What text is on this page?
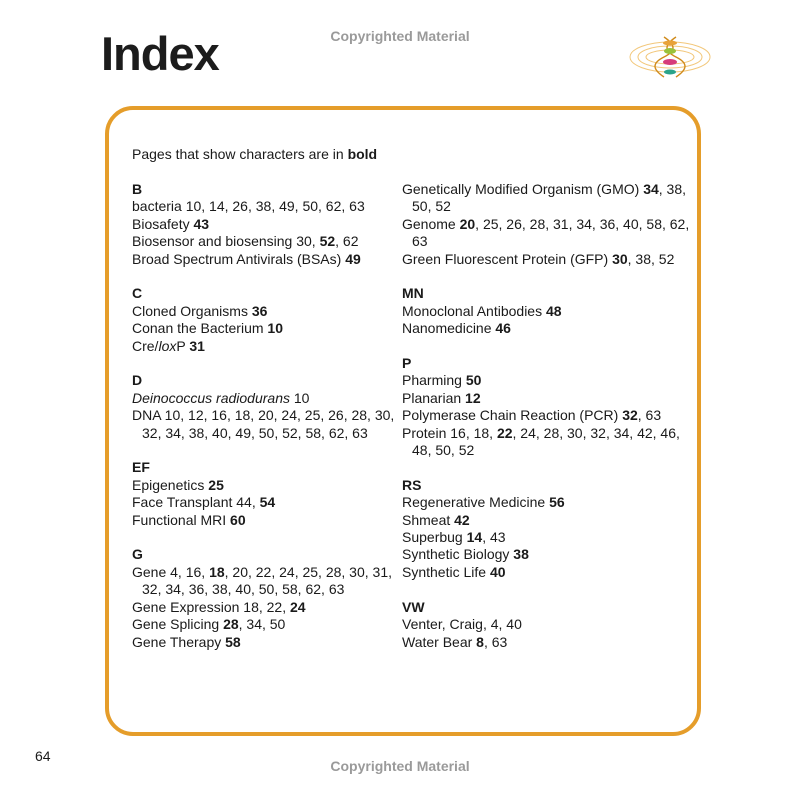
Index	Copyrighted Material
Pages that show characters are in bold
B
bacteria 10, 14, 26, 38, 49, 50, 62, 63
Biosafety 43
Biosensor and biosensing 30, 52, 62
Broad Spectrum Antivirals (BSAs) 49
C
Cloned Organisms 36
Conan the Bacterium 10
Cre/loxP 31
D
Deinococcus radiodurans 10
DNA 10, 12, 16, 18, 20, 24, 25, 26, 28, 30, 32, 34, 38, 40, 49, 50, 52, 58, 62, 63
EF
Epigenetics 25
Face Transplant 44, 54
Functional MRI 60
G
Gene 4, 16, 18, 20, 22, 24, 25, 28, 30, 31, 32, 34, 36, 38, 40, 50, 58, 62, 63
Gene Expression 18, 22, 24
Gene Splicing 28, 34, 50
Gene Therapy 58
Genetically Modified Organism (GMO) 34, 38, 50, 52
Genome 20, 25, 26, 28, 31, 34, 36, 40, 58, 62, 63
Green Fluorescent Protein (GFP) 30, 38, 52
MN
Monoclonal Antibodies 48
Nanomedicine 46
P
Pharming 50
Planarian 12
Polymerase Chain Reaction (PCR) 32, 63
Protein 16, 18, 22, 24, 28, 30, 32, 34, 42, 46, 48, 50, 52
RS
Regenerative Medicine 56
Shmeat 42
Superbug 14, 43
Synthetic Biology 38
Synthetic Life 40
VW
Venter, Craig, 4, 40
Water Bear 8, 63
64
Copyrighted Material
